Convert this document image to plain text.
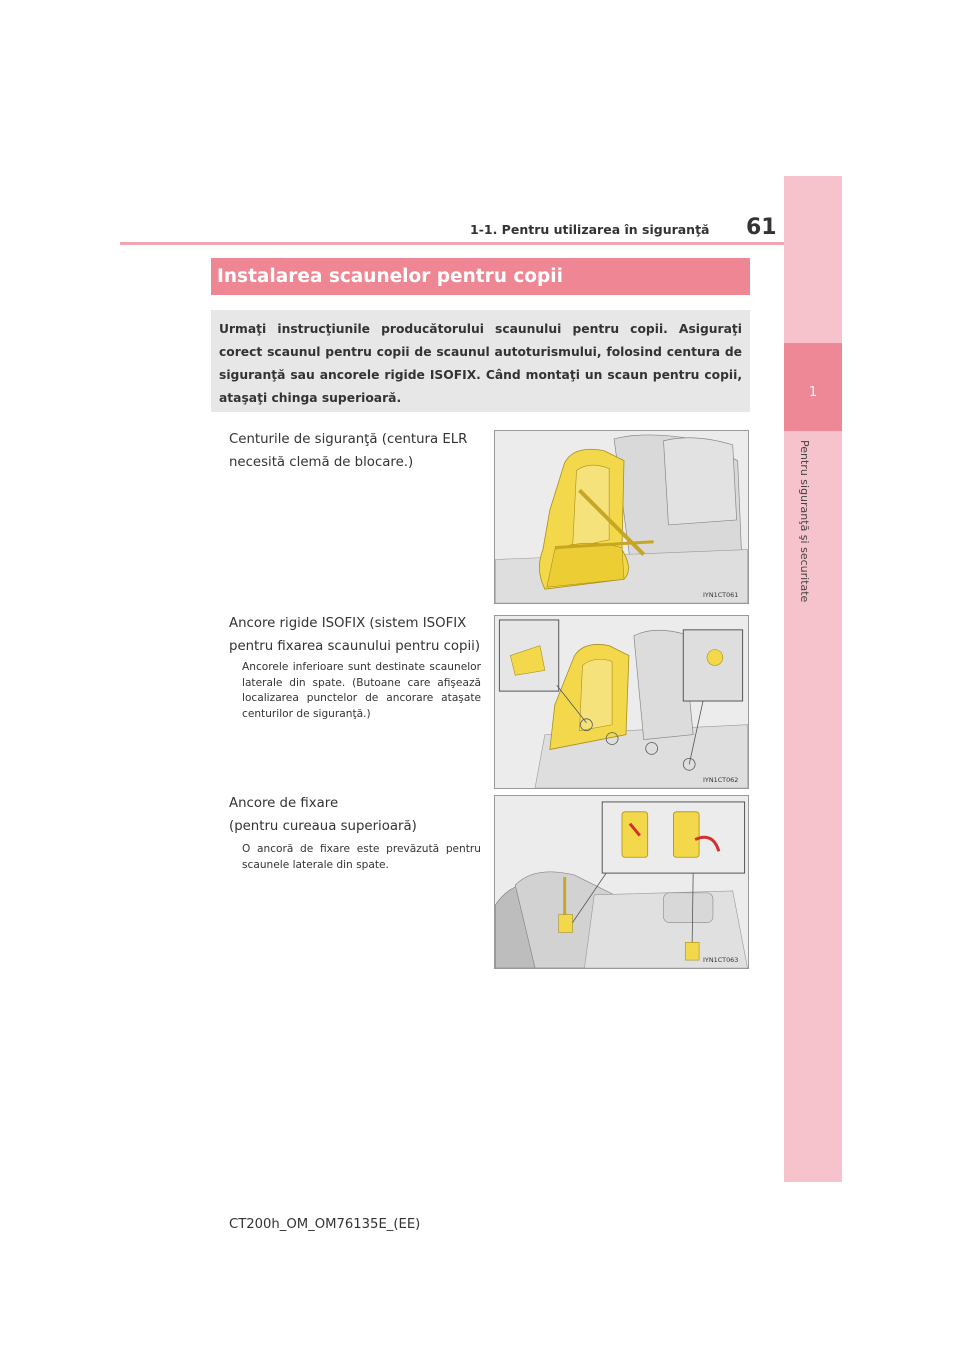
1
Pentru siguranţă şi securitate
1-1. Pentru utilizarea în siguranţă 61
Instalarea scaunelor pentru copii
Urmaţi instrucţiunile producătorului scaunului pentru copii. Asiguraţi corect scaunul pentru copii de scaunul autoturismului, folosind centura de siguranţă sau ancorele rigide ISOFIX. Când montaţi un scaun pentru copii, ataşaţi chinga superioară.
Centurile de siguranţă (centura ELR
necesită clemă de blocare.)
IYN1CT061
Ancore rigide ISOFIX (sistem ISOFIX
pentru fixarea scaunului pentru copii)
Ancorele inferioare sunt destinate scaunelor laterale din spate. (Butoane care afişează localizarea punctelor de ancorare ataşate centurilor de siguranţă.)
IYN1CT062
Ancore de fixare
(pentru cureaua superioară)
O ancoră de fixare este prevăzută pentru scaunele laterale din spate.
IYN1CT063
CT200h_OM_OM76135E_(EE)
